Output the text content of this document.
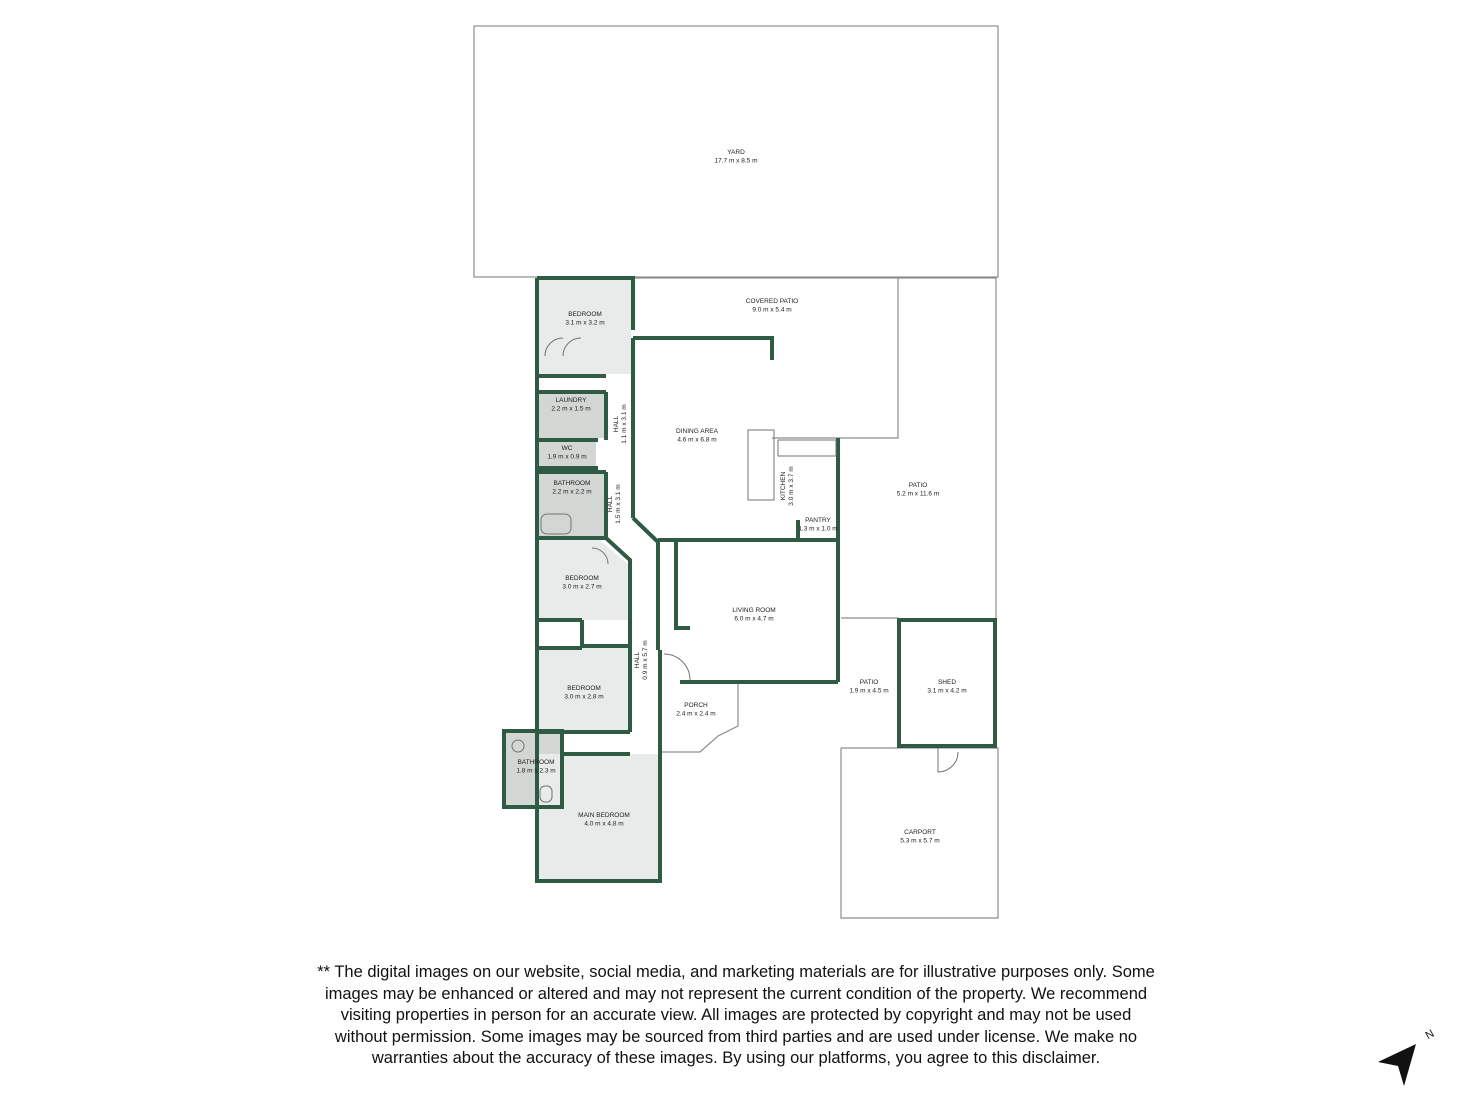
YARD 17.7 m x 8.5 m
COVERED PATIO 9.0 m x 5.4 m
BEDROOM 3.1 m x 3.2 m
LAUNDRY 2.2 m x 1.5 m
WC 1.9 m x 0.9 m
BATHROOM 2.2 m x 2.2 m
HALL1.1 m x 3.1 m
HALL1.5 m x 3.1 m
DINING AREA 4.6 m x 6.8 m
KITCHEN3.0 m x 3.7 m
PANTRY 1.3 m x 1.0 m
PATIO 5.2 m x 11.6 m
BEDROOM 3.0 m x 2.7 m
LIVING ROOM 6.0 m x 4.7 m
HALL0.9 m x 5.7 m
BEDROOM 3.0 m x 2.8 m
PORCH 2.4 m x 2.4 m
PATIO 1.9 m x 4.5 m
SHED 3.1 m x 4.2 m
BATHROOM 1.8 m x 2.3 m
MAIN BEDROOM 4.0 m x 4.8 m
CARPORT 5.3 m x 5.7 m
** The digital images on our website, social media, and marketing materials are for illustrative purposes only. Some
images may be enhanced or altered and may not represent the current condition of the property. We recommend
visiting properties in person for an accurate view. All images are protected by copyright and may not be used
without permission. Some images may be sourced from third parties and are used under license. We make no
warranties about the accuracy of these images. By using our platforms, you agree to this disclaimer.
N
